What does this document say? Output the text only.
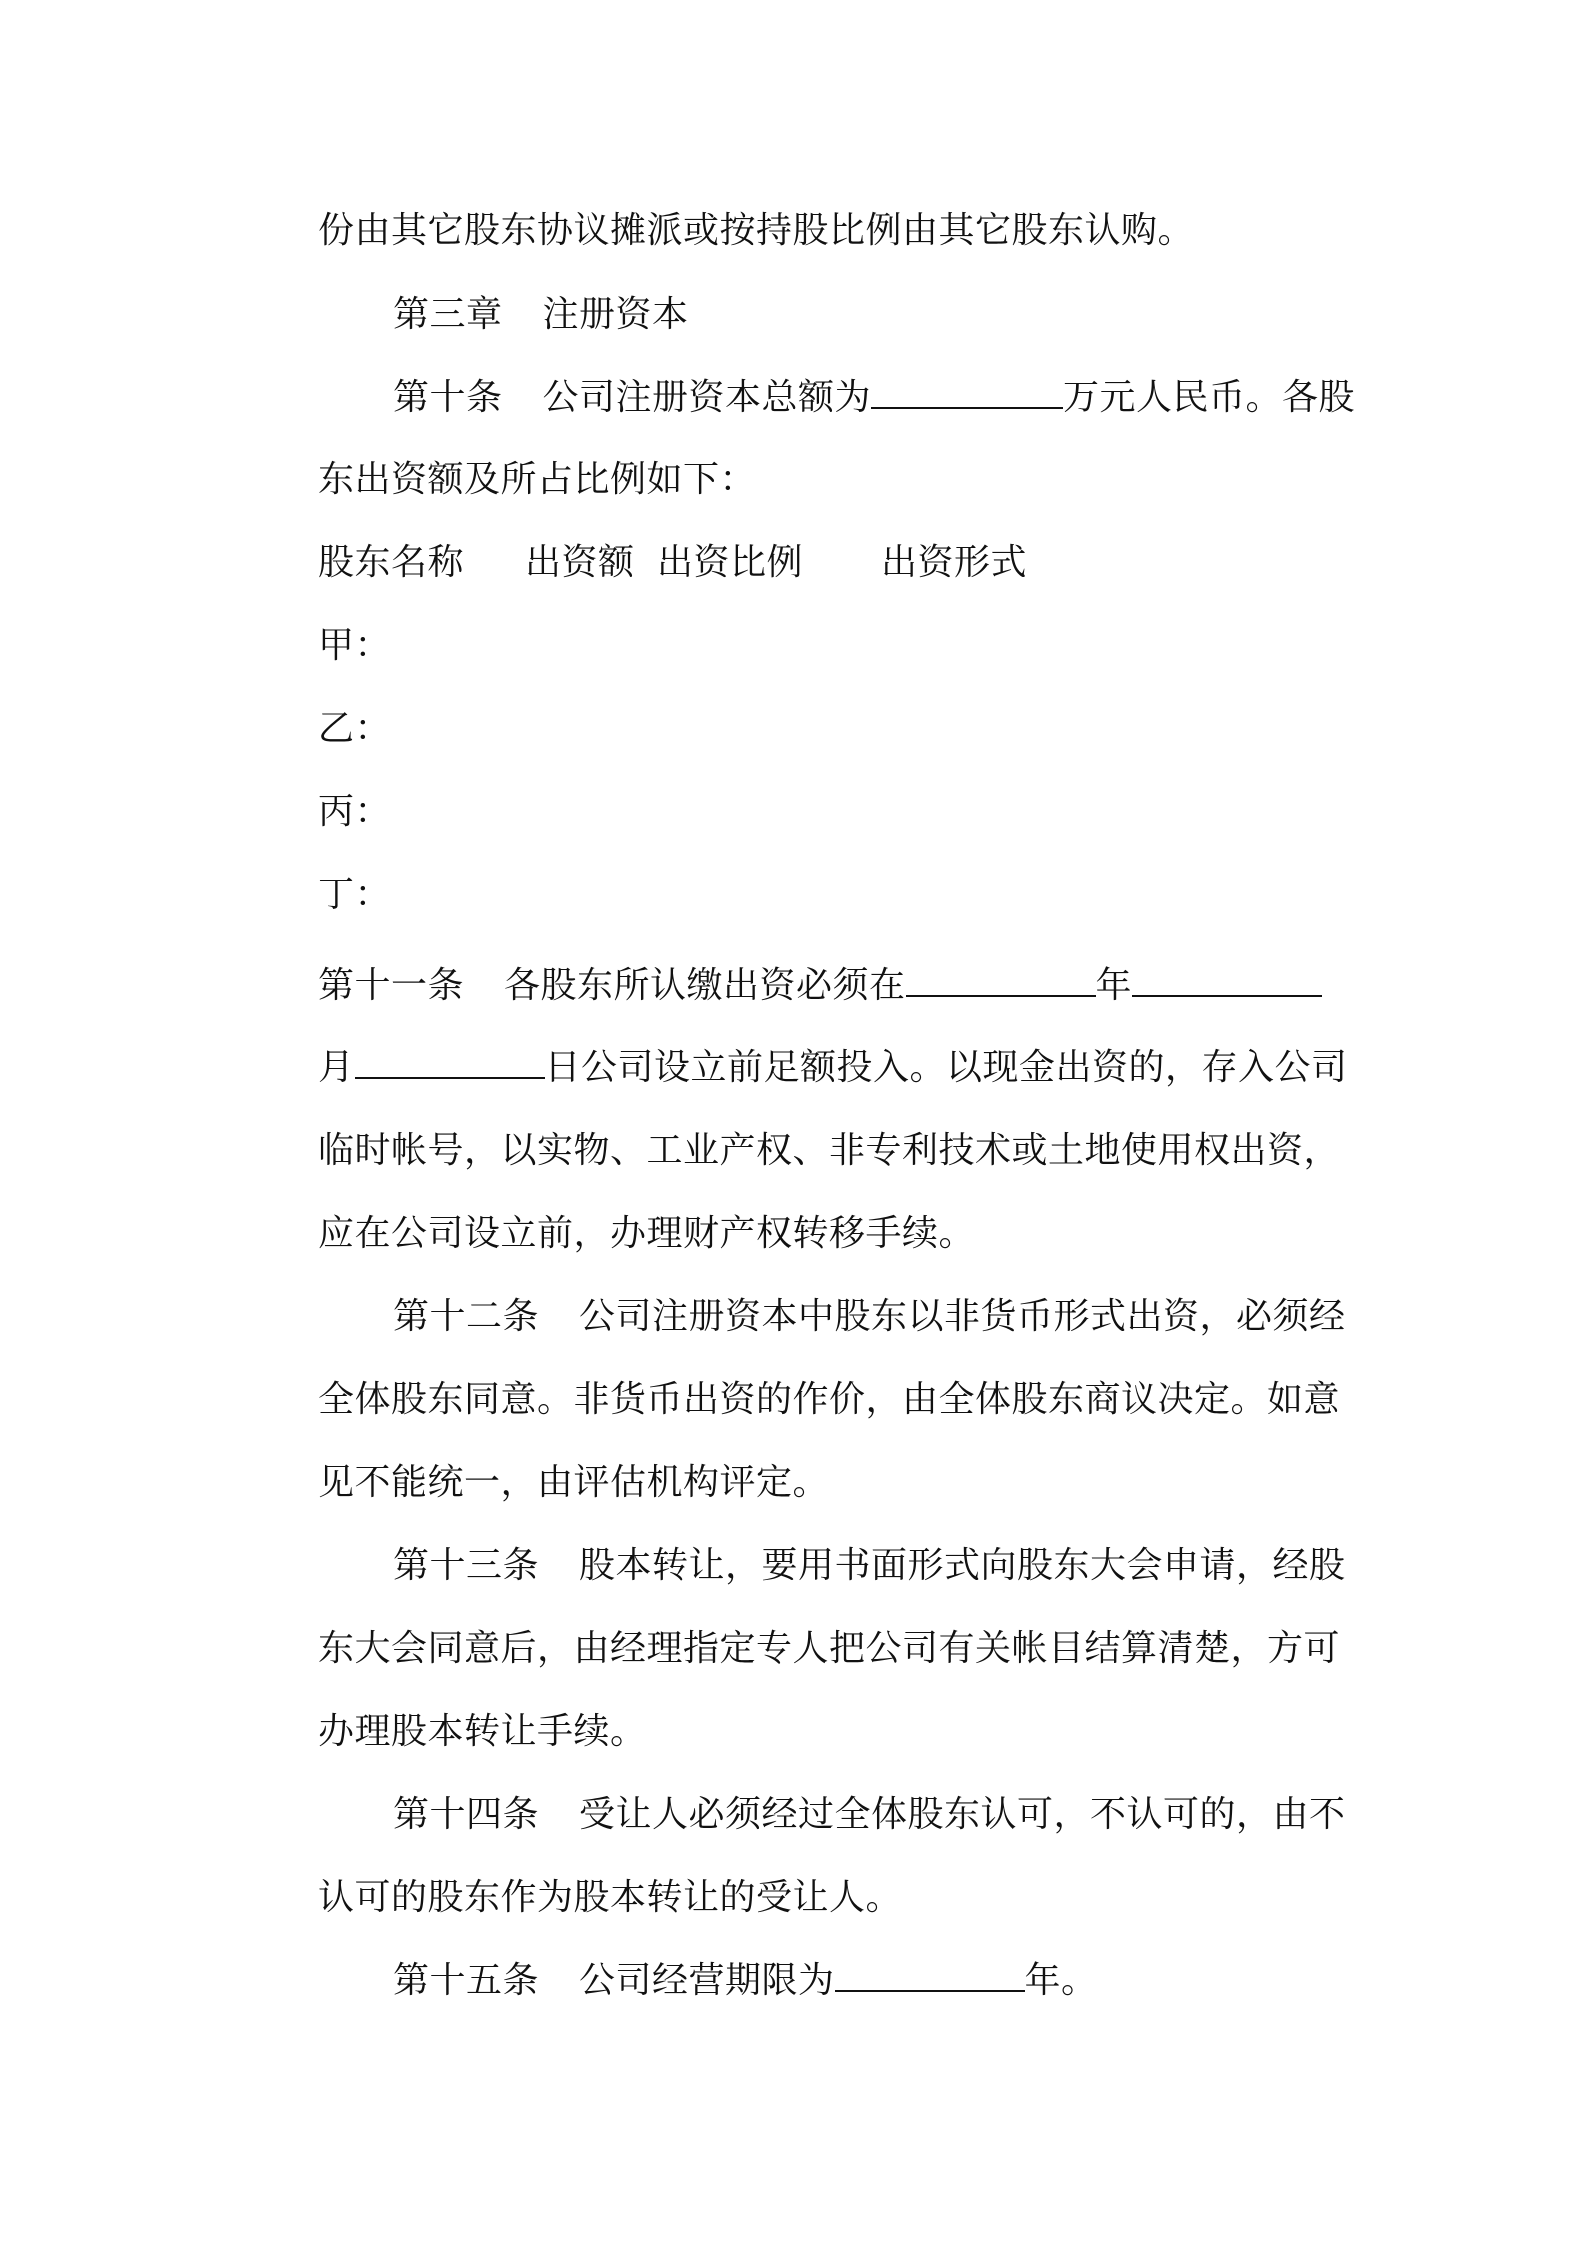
份由其它股东协议摊派或按持股比例由其它股东认购。
第三章 注册资本
第十条 公司注册资本总额为	万元人民币。各股
东出资额及所占比例如下：
股东名称 出资额 出资比例 出资形式
甲：
乙：
丙：
丁：
第十一条 各股东所认缴出资必须在	年
月	日公司设立前足额投入。以现金出资的，存入公司
临时帐号，以实物、工业产权、非专利技术或土地使用权出资，
应在公司设立前，办理财产权转移手续。
第十二条 公司注册资本中股东以非货币形式出资，必须经
全体股东同意。非货币出资的作价，由全体股东商议决定。如意
见不能统一，由评估机构评定。
第十三条 股本转让，要用书面形式向股东大会申请，经股
东大会同意后，由经理指定专人把公司有关帐目结算清楚，方可
办理股本转让手续。
第十四条 受让人必须经过全体股东认可，不认可的，由不
认可的股东作为股本转让的受让人。
第十五条 公司经营期限为	年。
